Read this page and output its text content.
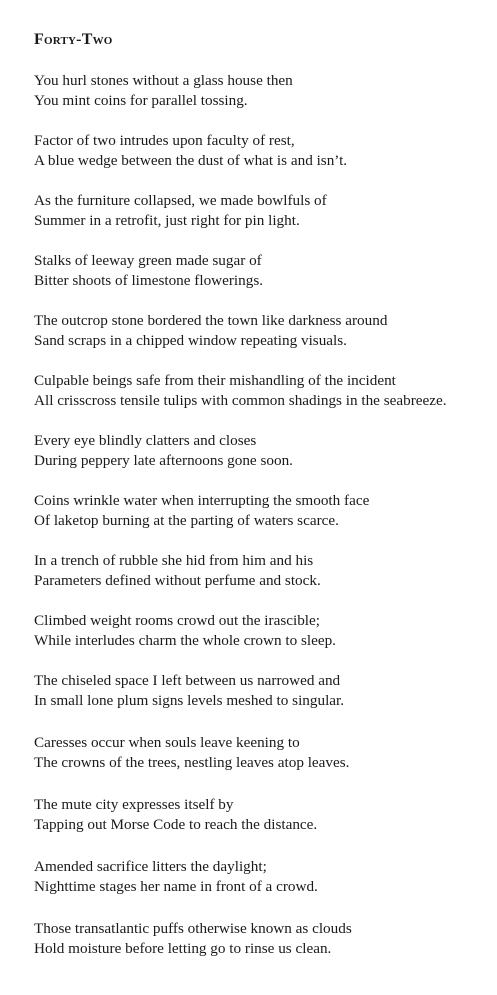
Forty-Two
You hurl stones without a glass house then
You mint coins for parallel tossing.
Factor of two intrudes upon faculty of rest,
A blue wedge between the dust of what is and isn’t.
As the furniture collapsed, we made bowlfuls of
Summer in a retrofit, just right for pin light.
Stalks of leeway green made sugar of
Bitter shoots of limestone flowerings.
The outcrop stone bordered the town like darkness around
Sand scraps in a chipped window repeating visuals.
Culpable beings safe from their mishandling of the incident
All crisscross tensile tulips with common shadings in the seabreeze.
Every eye blindly clatters and closes
During peppery late afternoons gone soon.
Coins wrinkle water when interrupting the smooth face
Of laketop burning at the parting of waters scarce.
In a trench of rubble she hid from him and his
Parameters defined without perfume and stock.
Climbed weight rooms crowd out the irascible;
While interludes charm the whole crown to sleep.
The chiseled space I left between us narrowed and
In small lone plum signs levels meshed to singular.
Caresses occur when souls leave keening to
The crowns of the trees, nestling leaves atop leaves.
The mute city expresses itself by
Tapping out Morse Code to reach the distance.
Amended sacrifice litters the daylight;
Nighttime stages her name in front of a crowd.
Those transatlantic puffs otherwise known as clouds
Hold moisture before letting go to rinse us clean.
